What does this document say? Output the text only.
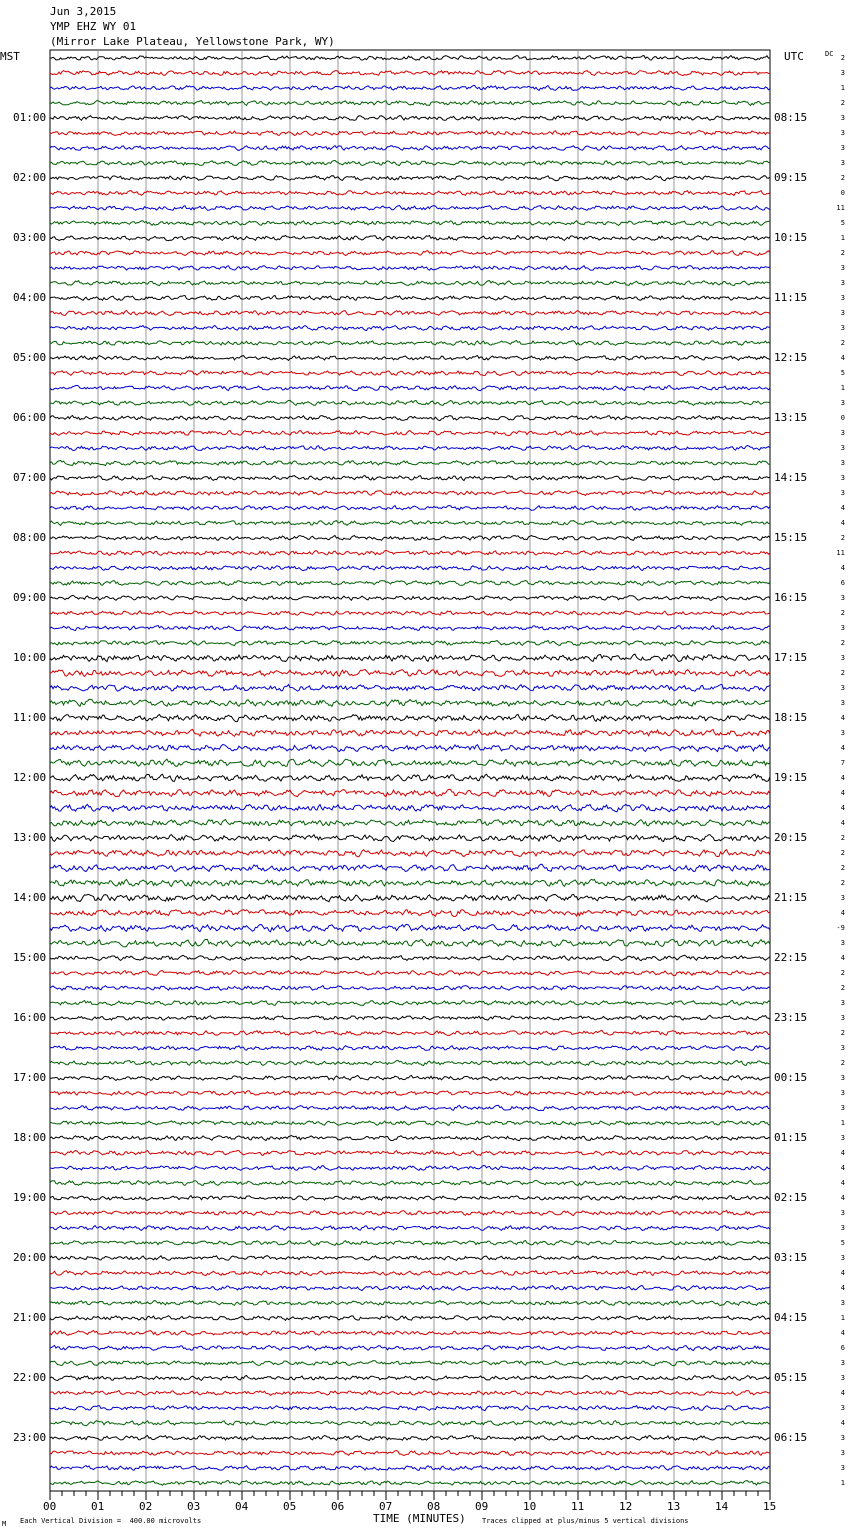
Jun 3,2015
YMP EHZ WY 01
(Mirror Lake Plateau, Yellowstone Park, WY)
MST	UTC	DC
01:00
02:00
03:00
04:00
05:00
06:00
07:00
08:00
09:00
10:00
11:00
12:00
13:00
14:00
15:00
16:00
17:00
18:00
19:00
20:00
21:00
22:00
23:00
08:15
09:15
10:15
11:15
12:15
13:15
14:15
15:15
16:15
17:15
18:15
19:15
20:15
21:15
22:15
23:15
00:15
01:15
02:15
03:15
04:15
05:15
06:15
2
3
1
2
3
3
3
3
2
0
11
5
1
2
3
3
3
3
3
2
4
5
1
3
0
3
3
3
3
3
4
4
2
11
4
6
3
2
3
2
3
2
3
3
4
3
4
7
4
4
4
4
2
2
2
2
3
4
-9
3
4
2
2
3
3
2
3
2
3
3
3
1
3
4
4
4
4
3
3
5
3
4
4
3
1
4
6
3
3
4
3
4
3
3
3
1
00	01	02	03	04	05	06	07	08	09	10	11	12	13	14	15
TIME (MINUTES)
Each Vertical Division =  400.00 microvolts	Traces clipped at plus/minus 5 vertical divisions
M
